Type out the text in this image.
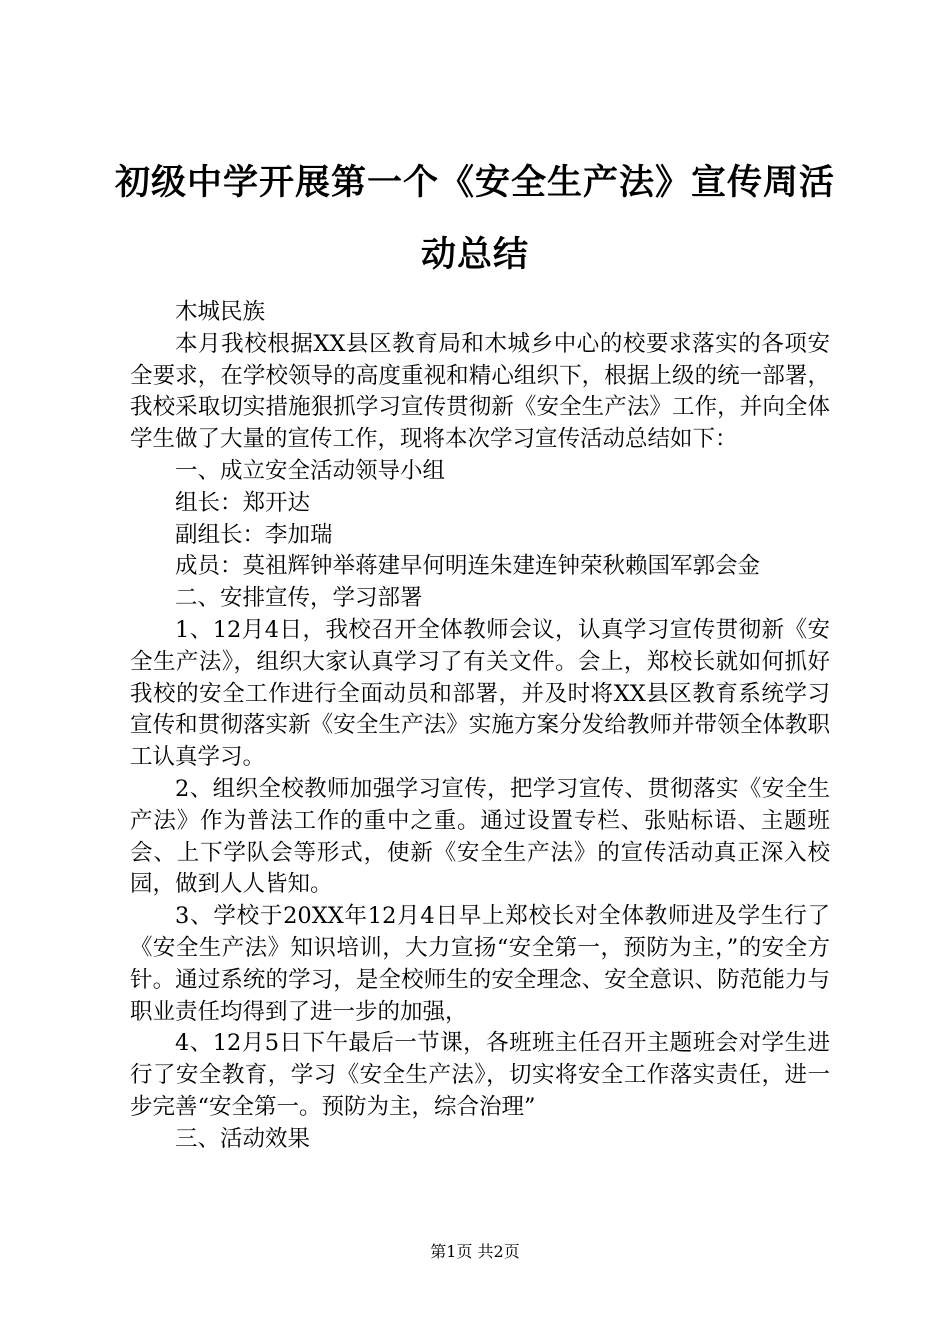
初级中学开展第一个《安全生产法》宣传周活
动总结

木城民族

本月我校根据XX县区教育局和木城乡中心的校要求落实的各项安全要求，在学校领导的高度重视和精心组织下，根据上级的统一部署，我校采取切实措施狠抓学习宣传贯彻新《安全生产法》工作，并向全体学生做了大量的宣传工作，现将本次学习宣传活动总结如下：

一、成立安全活动领导小组

组长：郑开达

副组长：李加瑞

成员：莫祖辉钟举蒋建早何明连朱建连钟荣秋赖国军郭会金

二、安排宣传，学习部署

1、12月4日，我校召开全体教师会议，认真学习宣传贯彻新《安全生产法》，组织大家认真学习了有关文件。会上，郑校长就如何抓好我校的安全工作进行全面动员和部署，并及时将XX县区教育系统学习宣传和贯彻落实新《安全生产法》实施方案分发给教师并带领全体教职工认真学习。

2、组织全校教师加强学习宣传，把学习宣传、贯彻落实《安全生产法》作为普法工作的重中之重。通过设置专栏、张贴标语、主题班会、上下学队会等形式，使新《安全生产法》的宣传活动真正深入校园，做到人人皆知。

3、学校于20XX年12月4日早上郑校长对全体教师进及学生行了《安全生产法》知识培训，大力宣扬“安全第一，预防为主，”的安全方针。通过系统的学习，是全校师生的安全理念、安全意识、防范能力与职业责任均得到了进一步的加强，

4、12月5日下午最后一节课，各班班主任召开主题班会对学生进行了安全教育，学习《安全生产法》，切实将安全工作落实责任，进一步完善“安全第一。预防为主，综合治理”

三、活动效果

第1页 共2页
